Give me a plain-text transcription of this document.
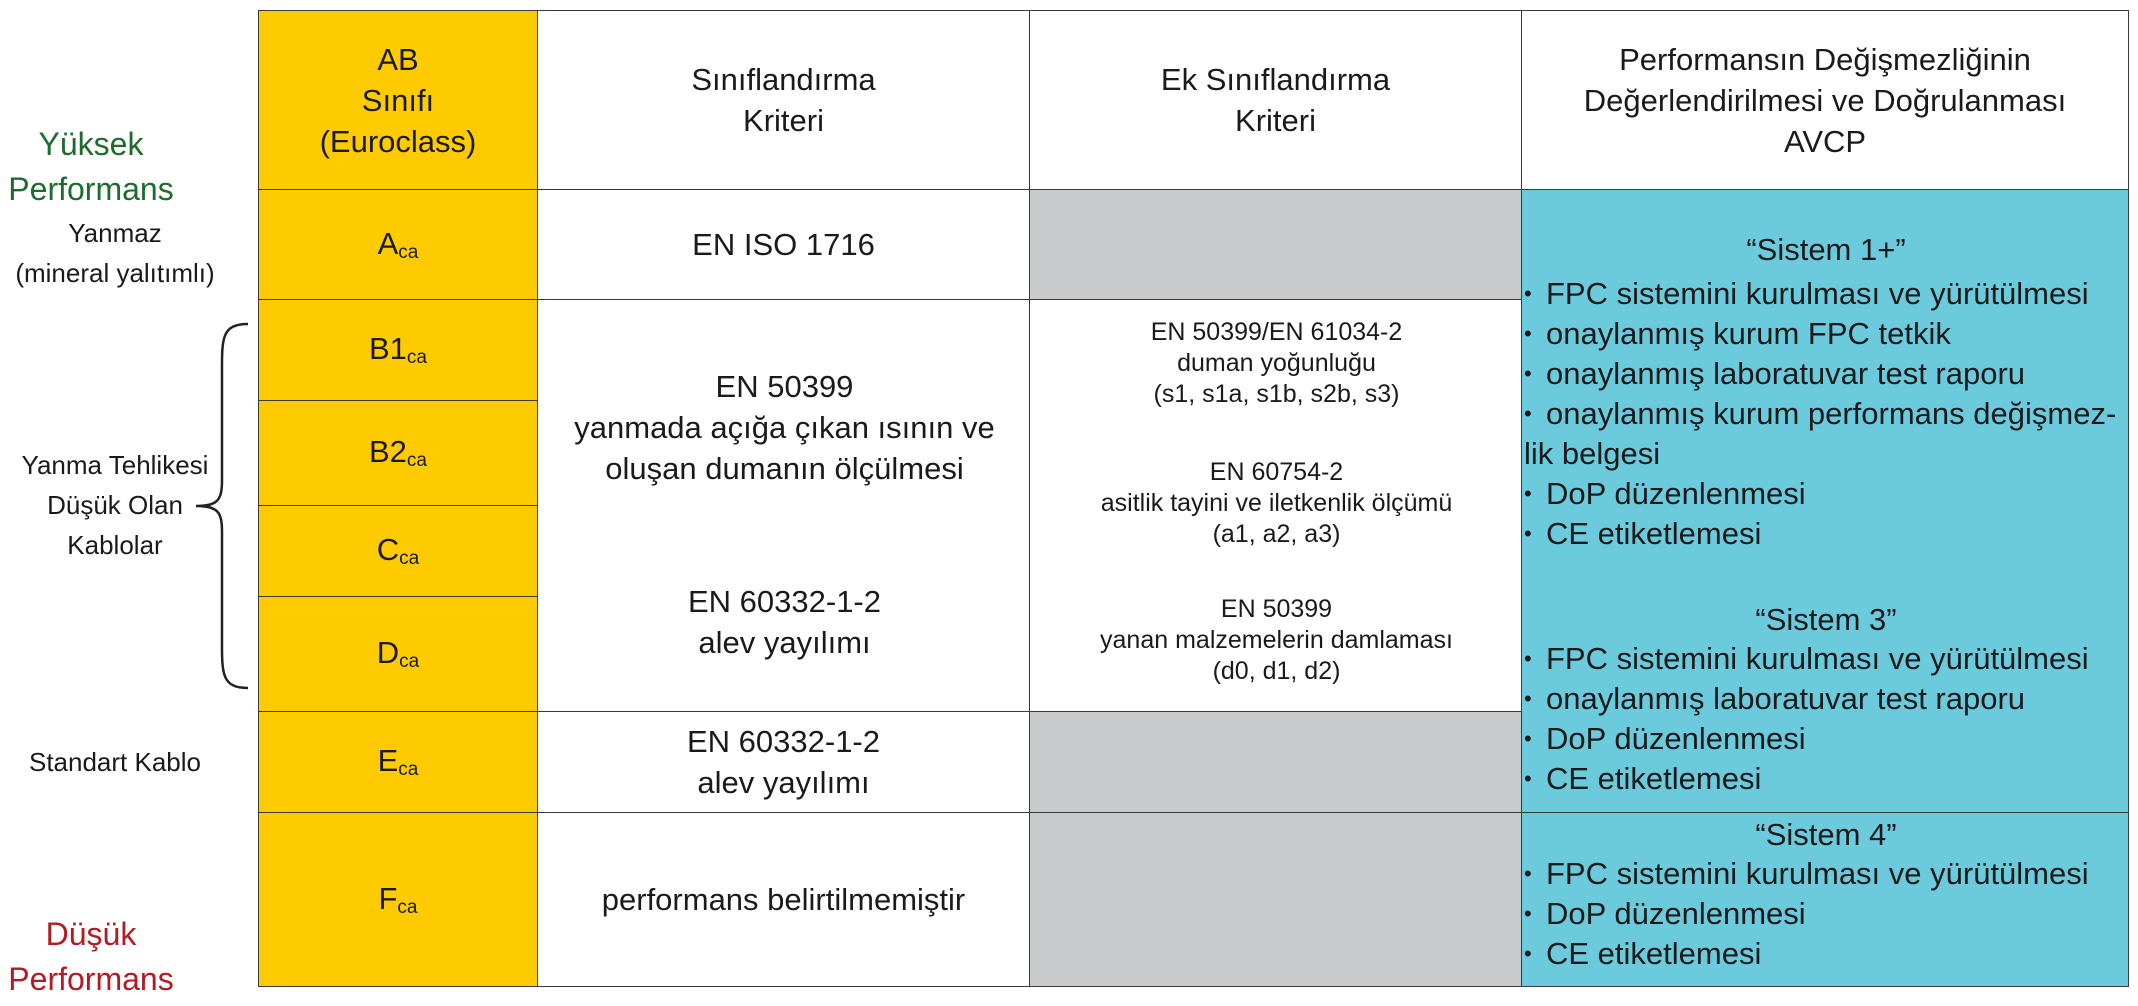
Yüksek
Performans
Yanmaz
(mineral yalıtımlı)
Yanma Tehlikesi
Düşük Olan
Kablolar
Standart Kablo
Düşük
Performans
AB
Sınıfı
(Euroclass)
Sınıflandırma
Kriteri
Ek Sınıflandırma
Kriteri
Performansın Değişmezliğinin
Değerlendirilmesi ve Doğrulanması
AVCP
$A_{ca}$
$B1_{ca}$
$B2_{ca}$
$C_{ca}$
$D_{ca}$
$E_{ca}$
$F_{ca}$
EN ISO 1716
EN 50399
yanmada açığa çıkan ısının ve
oluşan dumanın ölçülmesi
EN 60332-1-2
alev yayılımı
EN 60332-1-2
alev yayılımı
performans belirtilmemiştir
EN 50399/EN 61034-2
duman yoğunluğu
(s1, s1a, s1b, s2b, s3)
EN 60754-2
asitlik tayini ve iletkenlik ölçümü
(a1, a2, a3)
EN 50399
yanan malzemelerin damlaması
(d0, d1, d2)
“Sistem 1+”
• FPC sistemini kurulması ve yürütülmesi
• onaylanmış kurum FPC tetkik
• onaylanmış laboratuvar test raporu
• onaylanmış kurum performans değişmez-
lik belgesi
• DoP düzenlenmesi
• CE etiketlemesi
“Sistem 3”
• FPC sistemini kurulması ve yürütülmesi
• onaylanmış laboratuvar test raporu
• DoP düzenlenmesi
• CE etiketlemesi
“Sistem 4”
• FPC sistemini kurulması ve yürütülmesi
• DoP düzenlenmesi
• CE etiketlemesi
